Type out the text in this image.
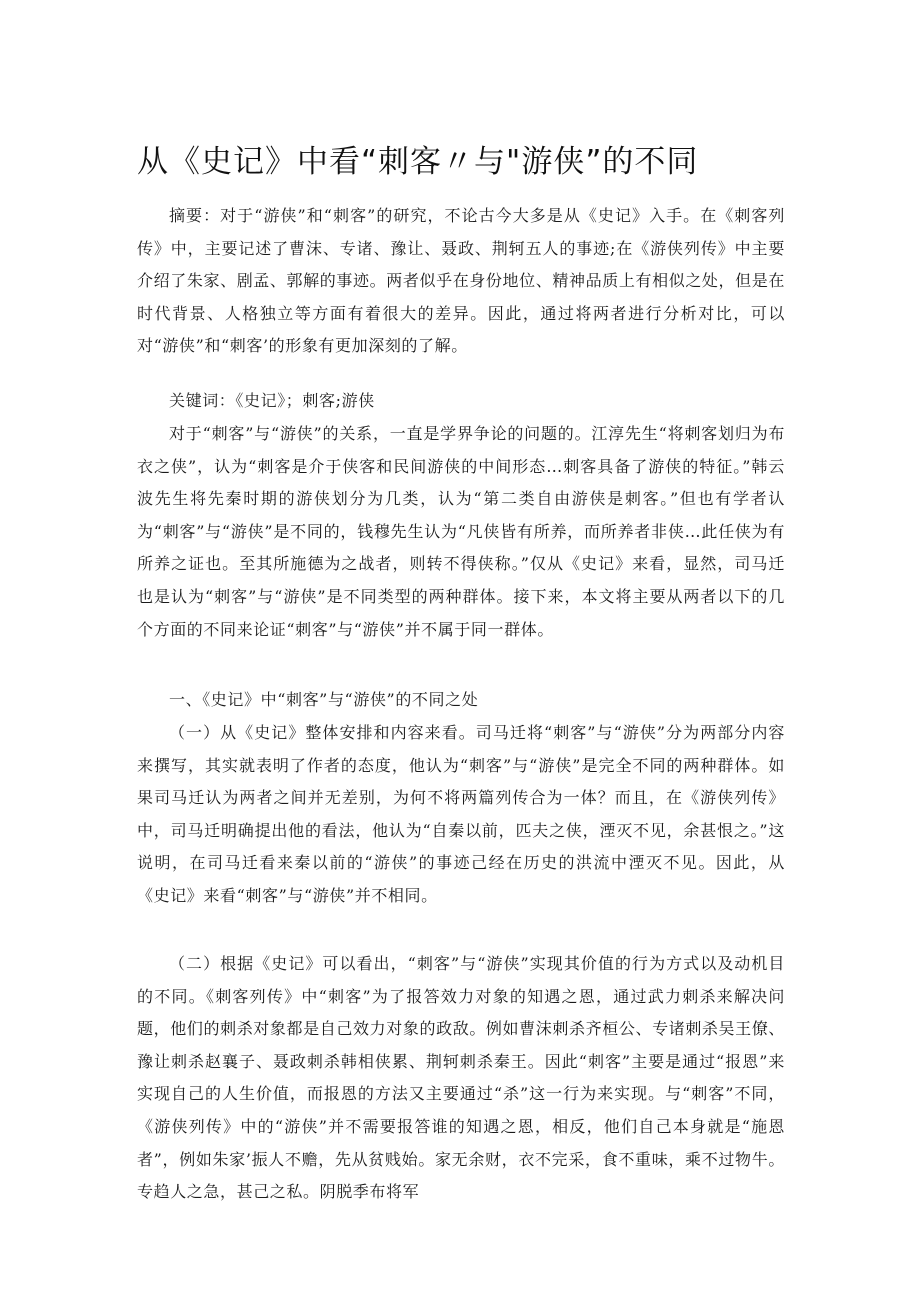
从《史记》中看“刺客〃与"游侠”的不同

摘要：对于“游侠”和“刺客”的研究，不论古今大多是从《史记》入手。在《刺客列传》中，主要记述了曹沫、专诸、豫让、聂政、荆轲五人的事迹;在《游侠列传》中主要介绍了朱家、剧孟、郭解的事迹。两者似乎在身份地位、精神品质上有相似之处，但是在时代背景、人格独立等方面有着很大的差异。因此，通过将两者进行分析对比，可以对“游侠”和“刺客’的形象有更加深刻的了解。

关键词：《史记》；刺客;游侠

对于“刺客”与“游侠”的关系，一直是学界争论的问题的。江淳先生“将刺客划归为布衣之侠”，认为“刺客是介于侠客和民间游侠的中间形态…刺客具备了游侠的特征。”韩云波先生将先秦时期的游侠划分为几类，认为“第二类自由游侠是刺客。”但也有学者认为“刺客”与“游侠”是不同的，钱穆先生认为“凡侠皆有所养，而所养者非侠…此任侠为有所养之证也。至其所施德为之战者，则转不得侠称。”仅从《史记》来看，显然，司马迁也是认为“刺客”与“游侠”是不同类型的两种群体。接下来，本文将主要从两者以下的几个方面的不同来论证“刺客”与“游侠”并不属于同一群体。

一、《史记》中“刺客”与“游侠”的不同之处

（一）从《史记》整体安排和内容来看。司马迁将“刺客”与“游侠”分为两部分内容来撰写，其实就表明了作者的态度，他认为“刺客”与“游侠”是完全不同的两种群体。如果司马迁认为两者之间并无差别，为何不将两篇列传合为一体？而且，在《游侠列传》中，司马迁明确提出他的看法，他认为“自秦以前，匹夫之侠，湮灭不见，余甚恨之。”这说明，在司马迁看来秦以前的“游侠”的事迹己经在历史的洪流中湮灭不见。因此，从《史记》来看“刺客”与“游侠”并不相同。

（二）根据《史记》可以看出，“刺客”与“游侠”实现其价值的行为方式以及动机目的不同。《刺客列传》中“刺客”为了报答效力对象的知遇之恩，通过武力刺杀来解决问题，他们的刺杀对象都是自己效力对象的政敌。例如曹沫刺杀齐桓公、专诸刺杀吴王僚、豫让刺杀赵襄子、聂政刺杀韩相侠累、荆轲刺杀秦王。因此“刺客”主要是通过“报恩”来实现自己的人生价值，而报恩的方法又主要通过“杀”这一行为来实现。与“刺客”不同，《游侠列传》中的“游侠”并不需要报答谁的知遇之恩，相反，他们自己本身就是“施恩者”，例如朱家’振人不赡，先从贫贱始。家无余财，衣不完采，食不重味，乘不过物牛。专趋人之急，甚己之私。阴脱季布将军
